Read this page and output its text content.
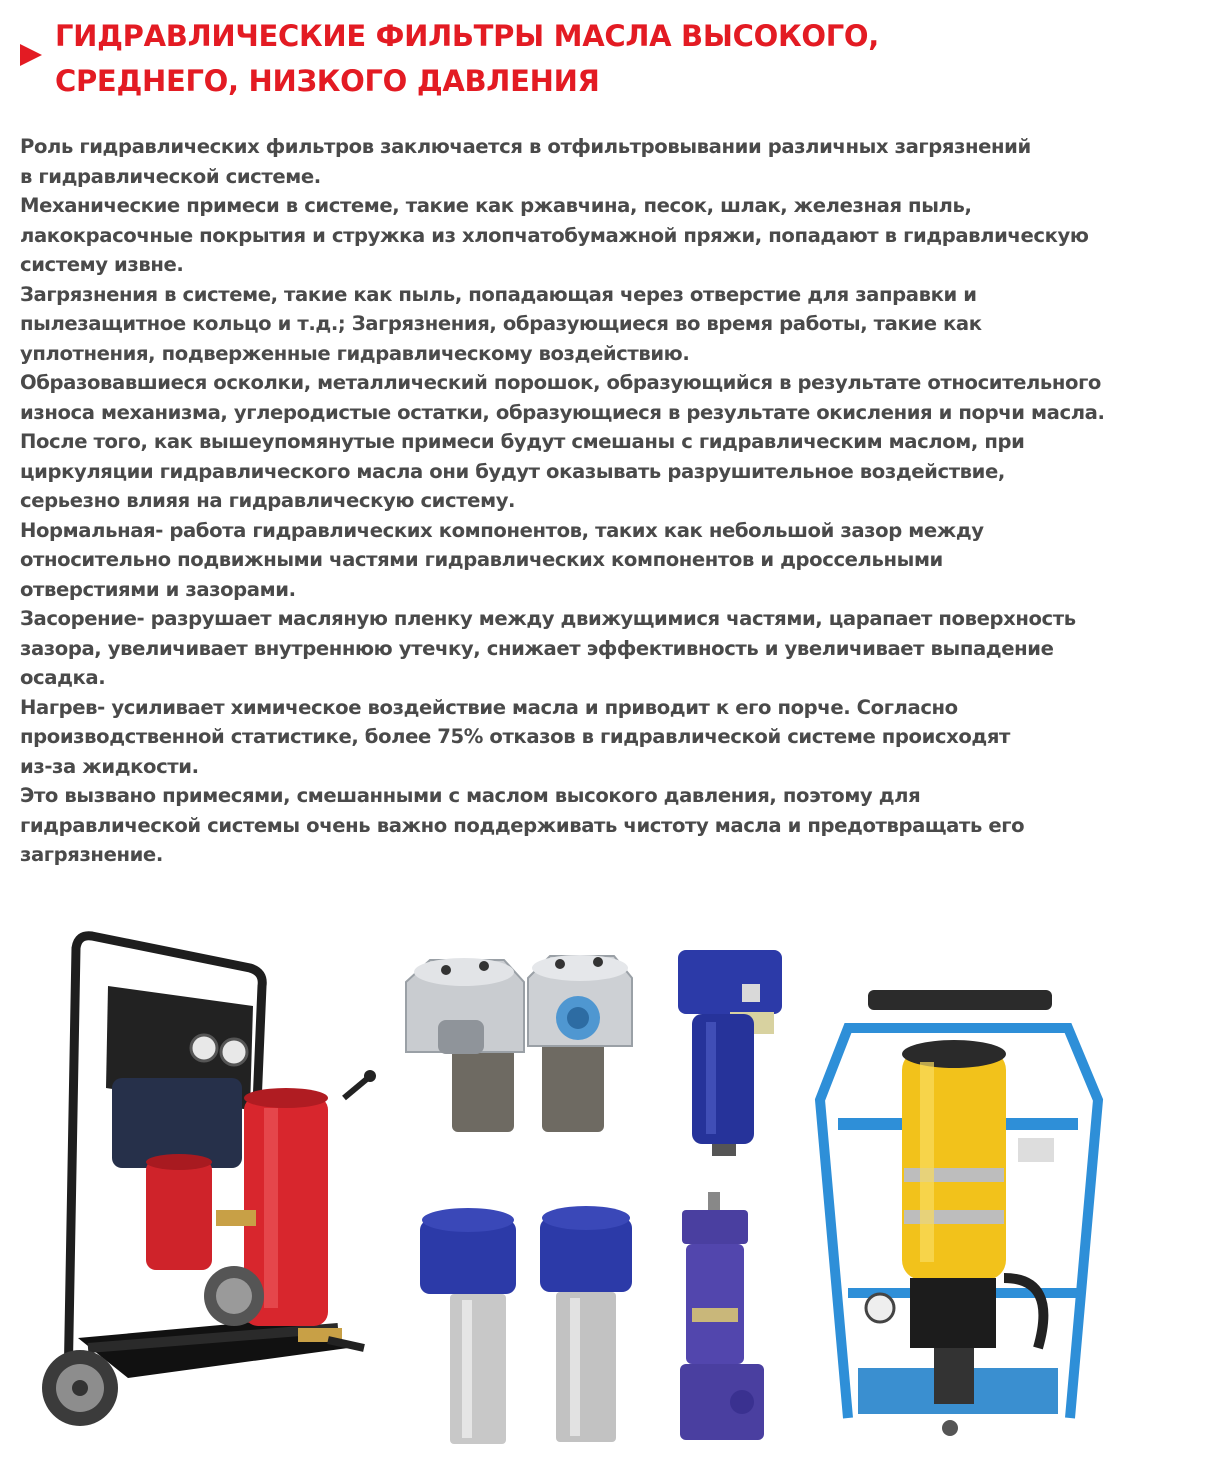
ГИДРАВЛИЧЕСКИЕ ФИЛЬТРЫ МАСЛА ВЫСОКОГО,
СРЕДНЕГО, НИЗКОГО ДАВЛЕНИЯ
Роль гидравлических фильтров заключается в отфильтровывании различных загрязнений
в гидравлической системе.
Механические примеси в системе, такие как ржавчина, песок, шлак, железная пыль,
лакокрасочные покрытия и стружка из хлопчатобумажной пряжи, попадают в гидравлическую
систему извне.
Загрязнения в системе, такие как пыль, попадающая через отверстие для заправки и
пылезащитное кольцо и т.д.; Загрязнения, образующиеся во время работы, такие как
уплотнения, подверженные гидравлическому воздействию.
Образовавшиеся осколки, металлический порошок, образующийся в результате относительного
износа механизма, углеродистые остатки, образующиеся в результате окисления и порчи масла.
После того, как вышеупомянутые примеси будут смешаны с гидравлическим маслом, при
циркуляции гидравлического масла они будут оказывать разрушительное воздействие,
серьезно влияя на гидравлическую систему.
Нормальная- работа гидравлических компонентов, таких как небольшой зазор между
относительно подвижными частями гидравлических компонентов и дроссельными
отверстиями и зазорами.
Засорение- разрушает масляную пленку между движущимися частями, царапает поверхность
зазора, увеличивает внутреннюю утечку, снижает эффективность и увеличивает выпадение
осадка.
Нагрев- усиливает химическое воздействие масла и приводит к его порче. Согласно
производственной статистике, более 75% отказов в гидравлической системе происходят
из-за жидкости.
Это вызвано примесями, смешанными с маслом высокого давления, поэтому для
гидравлической системы очень важно поддерживать чистоту масла и предотвращать его
загрязнение.
